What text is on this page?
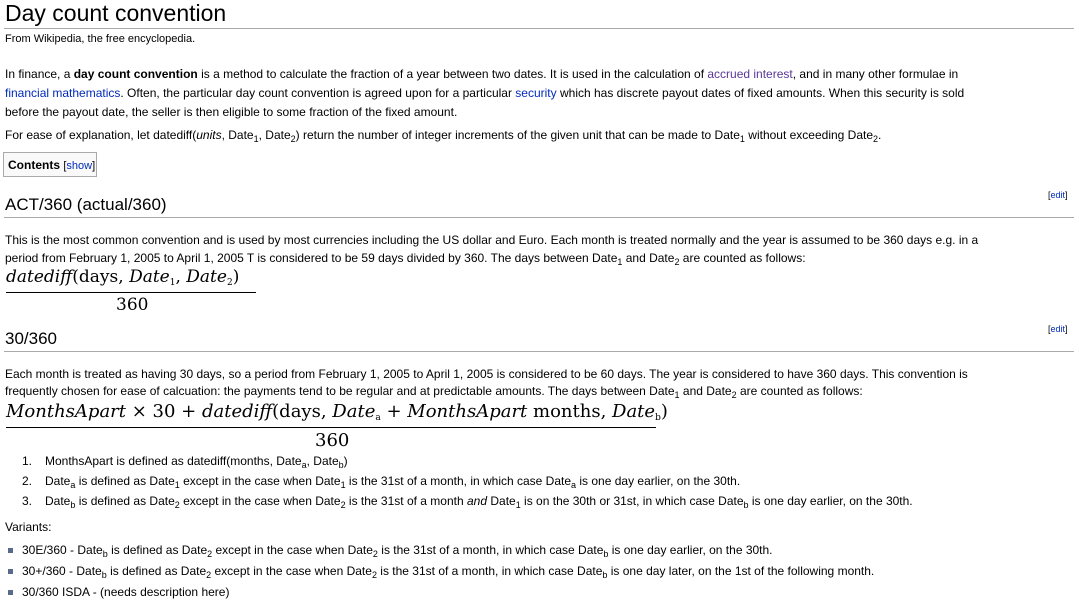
Day count convention
From Wikipedia, the free encyclopedia.
In finance, a day count convention is a method to calculate the fraction of a year between two dates. It is used in the calculation of accrued interest, and in many other formulae in
financial mathematics. Often, the particular day count convention is agreed upon for a particular security which has discrete payout dates of fixed amounts. When this security is sold
before the payout date, the seller is then eligible to some fraction of the fixed amount.
For ease of explanation, let datediff(units, Date$_1$, Date$_2$) return the number of integer increments of the given unit that can be made to Date$_1$ without exceeding Date$_2$.
Contents [show]
[edit]
ACT/360 (actual/360)
This is the most common convention and is used by most currencies including the US dollar and Euro. Each month is treated normally and the year is assumed to be 360 days e.g. in a
period from February 1, 2005 to April 1, 2005 T is considered to be 59 days divided by 360. The days between Date$_1$ and Date$_2$ are counted as follows:
datediff(days, Date$_1$, Date$_2$)
360
[edit]
30/360
Each month is treated as having 30 days, so a period from February 1, 2005 to April 1, 2005 is considered to be 60 days. The year is considered to have 360 days. This convention is
frequently chosen for ease of calcuation: the payments tend to be regular and at predictable amounts. The days between Date$_1$ and Date$_2$ are counted as follows:
MonthsApart × 30 + datediff(days, Date$_a$ + MonthsApart months, Date$_b$)
360
1. MonthsApart is defined as datediff(months, Date$_a$, Date$_b$)
2. Date$_a$ is defined as Date$_1$ except in the case when Date$_1$ is the 31st of a month, in which case Date$_a$ is one day earlier, on the 30th.
3. Date$_b$ is defined as Date$_2$ except in the case when Date$_2$ is the 31st of a month and Date$_1$ is on the 30th or 31st, in which case Date$_b$ is one day earlier, on the 30th.
Variants:
30E/360 - Date$_b$ is defined as Date$_2$ except in the case when Date$_2$ is the 31st of a month, in which case Date$_b$ is one day earlier, on the 30th.
30+/360 - Date$_b$ is defined as Date$_2$ except in the case when Date$_2$ is the 31st of a month, in which case Date$_b$ is one day later, on the 1st of the following month.
30/360 ISDA - (needs description here)
